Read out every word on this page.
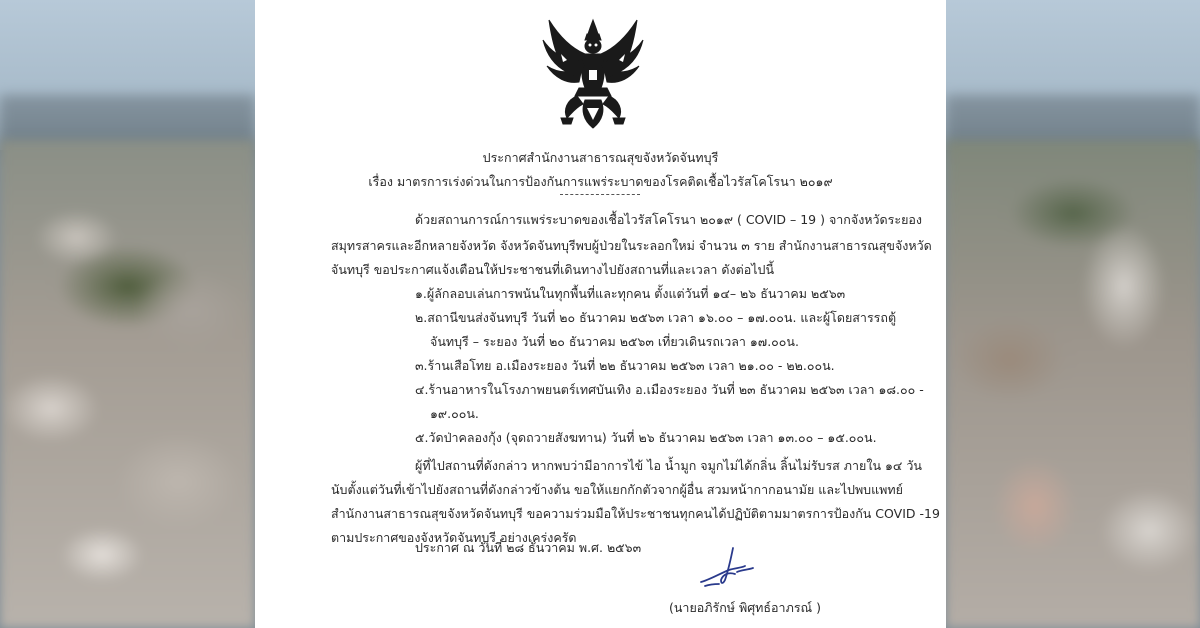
ประกาศสำนักงานสาธารณสุขจังหวัดจันทบุรี
เรื่อง มาตรการเร่งด่วนในการป้องกันการแพร่ระบาดของโรคติดเชื้อไวรัสโคโรนา ๒๐๑๙
ด้วยสถานการณ์การแพร่ระบาดของเชื้อไวรัสโคโรนา ๒๐๑๙ ( COVID – 19 ) จากจังหวัดระยอง
สมุทรสาครและอีกหลายจังหวัด จังหวัดจันทบุรีพบผู้ป่วยในระลอกใหม่ จำนวน ๓ ราย สำนักงานสาธารณสุขจังหวัด
จันทบุรี ขอประกาศแจ้งเตือนให้ประชาชนที่เดินทางไปยังสถานที่และเวลา ดังต่อไปนี้
๑.ผู้ลักลอบเล่นการพนันในทุกพื้นที่และทุกคน ตั้งแต่วันที่ ๑๔– ๒๖ ธันวาคม ๒๕๖๓
๒.สถานีขนส่งจันทบุรี วันที่ ๒๐ ธันวาคม ๒๕๖๓ เวลา ๑๖.๐๐ – ๑๗.๐๐น. และผู้โดยสารรถตู้
จันทบุรี – ระยอง วันที่ ๒๐ ธันวาคม ๒๕๖๓ เที่ยวเดินรถเวลา ๑๗.๐๐น.
๓.ร้านเสือโทย อ.เมืองระยอง วันที่ ๒๒ ธันวาคม ๒๕๖๓ เวลา ๒๑.๐๐ - ๒๒.๐๐น.
๔.ร้านอาหารในโรงภาพยนตร์เทศบันเทิง อ.เมืองระยอง วันที่ ๒๓ ธันวาคม ๒๕๖๓ เวลา ๑๘.๐๐ -
๑๙.๐๐น.
๕.วัดป่าคลองกุ้ง (จุดถวายสังฆทาน) วันที่ ๒๖ ธันวาคม ๒๕๖๓ เวลา ๑๓.๐๐ – ๑๕.๐๐น.
ผู้ที่ไปสถานที่ดังกล่าว หากพบว่ามีอาการไข้ ไอ น้ำมูก จมูกไม่ได้กลิ่น ลิ้นไม่รับรส ภายใน ๑๔ วัน
นับตั้งแต่วันที่เข้าไปยังสถานที่ดังกล่าวข้างต้น ขอให้แยกกักตัวจากผู้อื่น สวมหน้ากากอนามัย และไปพบแพทย์
สำนักงานสาธารณสุขจังหวัดจันทบุรี ขอความร่วมมือให้ประชาชนทุกคนได้ปฏิบัติตามมาตรการป้องกัน COVID -19
ตามประกาศของจังหวัดจันทบุรี อย่างเคร่งครัด
ประกาศ ณ วันที่ ๒๘ ธันวาคม พ.ศ. ๒๕๖๓
(นายอภิรักษ์ พิศุทธ์อาภรณ์ )
